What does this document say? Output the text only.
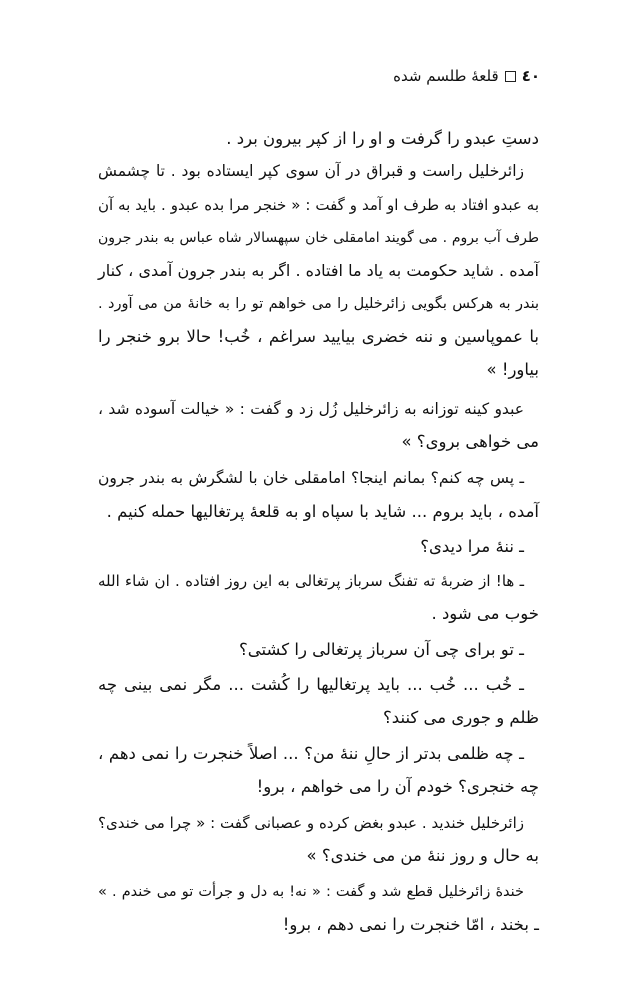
٤٠قلعهٔ طلسم شده
دستِ عبدو را گرفت و او را از کپر بیرون برد .
زائرخلیل راست و قبراق در آن سوی کپر ایستاده بود . تا چشمش
به عبدو افتاد به طرف او آمد و گفت : « خنجر مرا بده عبدو . باید به آن
طرف آب بروم . می گویند امامقلی خان سپهسالار شاه عباس به بندر جرون
آمده . شاید حکومت به یاد ما افتاده . اگر به بندر جرون آمدی ، کنار
بندر به هرکس بگویی زائرخلیل را می خواهم تو را به خانهٔ من می آورد .
با عموپاسین و ننه خضری بیایید سراغم ، خُب! حالا برو خنجر را
بیاور! »
عبدو کینه توزانه به زائرخلیل زُل زد و گفت : « خیالت آسوده شد ،
می خواهی بروی؟ »
ـ پس چه کنم؟ بمانم اینجا؟ امامقلی خان با لشگرش به بندر جرون
آمده ، باید بروم ... شاید با سپاه او به قلعهٔ پرتغالیها حمله کنیم .
ـ ننهٔ مرا دیدی؟
ـ ها! از ضربهٔ ته تفنگ سرباز پرتغالی به این روز افتاده . ان شاء الله
خوب می شود .
ـ تو برای چی آن سرباز پرتغالی را کشتی؟
ـ خُب ... خُب ... باید پرتغالیها را کُشت ... مگر نمی بینی چه
ظلم و جوری می کنند؟
ـ چه ظلمی بدتر از حالِ ننهٔ من؟ ... اصلاً خنجرت را نمی دهم ،
چه خنجری؟ خودم آن را می خواهم ، برو!
زائرخلیل خندید . عبدو بغض کرده و عصبانی گفت : « چرا می خندی؟
به حال و روز ننهٔ من می خندی؟ »
خندهٔ زائرخلیل قطع شد و گفت : « نه! به دل و جرأت تو می خندم . »
ـ بخند ، امّا خنجرت را نمی دهم ، برو!
